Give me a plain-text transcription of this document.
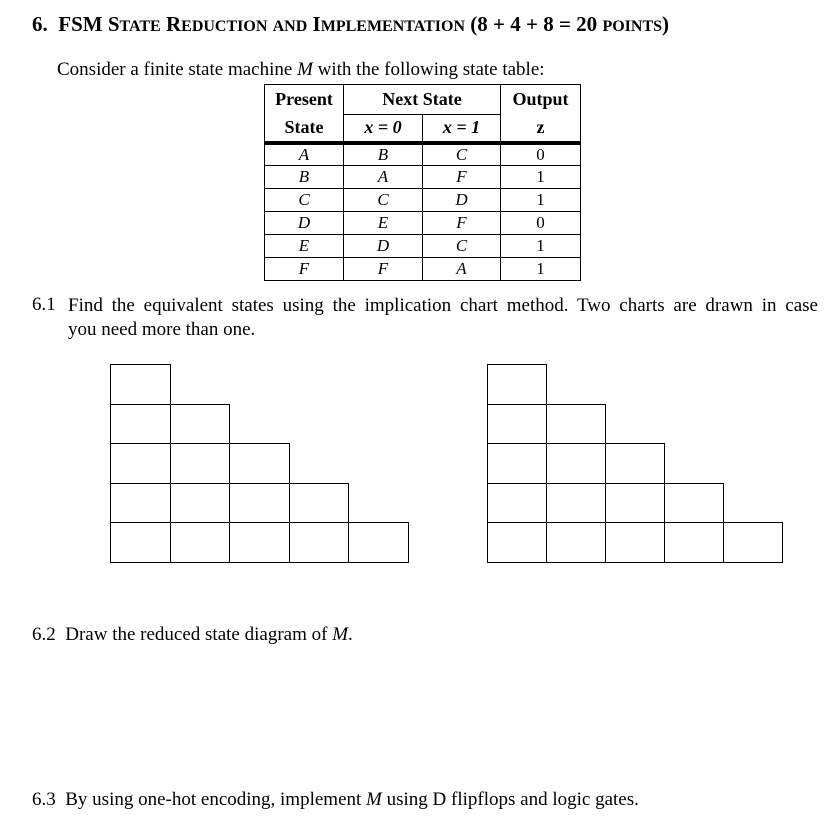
6. FSM STATE REDUCTION AND IMPLEMENTATION (8 + 4 + 8 = 20 POINTS)
Consider a finite state machine M with the following state table:
Present	Next State		Output
State	x = 0	x = 1	z
A	B	C	0
B	A	F	1
C	C	D	1
D	E	F	0
E	D	C	1
F	F	A	1
6.1 Find the equivalent states using the implication chart method. Two charts are drawn in case
you need more than one.
6.2 Draw the reduced state diagram of M.
6.3 By using one-hot encoding, implement M using D flipflops and logic gates.
